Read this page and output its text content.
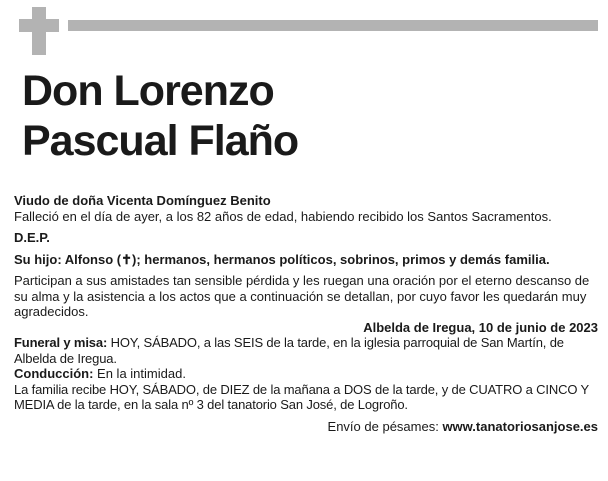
Don Lorenzo
Pascual Flaño

Viudo de doña Vicenta Domínguez Benito

Falleció en el día de ayer, a los 82 años de edad, habiendo recibido los Santos Sacramentos.

D.E.P.

Su hijo: Alfonso (✝); hermanos, hermanos políticos, sobrinos, primos y demás familia.

Participan a sus amistades tan sensible pérdida y les ruegan una oración por el eterno descanso de su alma y la asistencia a los actos que a continuación se detallan, por cuyo favor les quedarán muy agradecidos.

Albelda de Iregua, 10 de junio de 2023

Funeral y misa: HOY, SÁBADO, a las SEIS de la tarde, en la iglesia parroquial de San Martín, de Albelda de Iregua.

Conducción: En la intimidad.

La familia recibe HOY, SÁBADO, de DIEZ de la mañana a DOS de la tarde, y de CUATRO a CINCO Y MEDIA de la tarde, en la sala nº 3 del tanatorio San José, de Logroño.

Envío de pésames: www.tanatoriosanjose.es
